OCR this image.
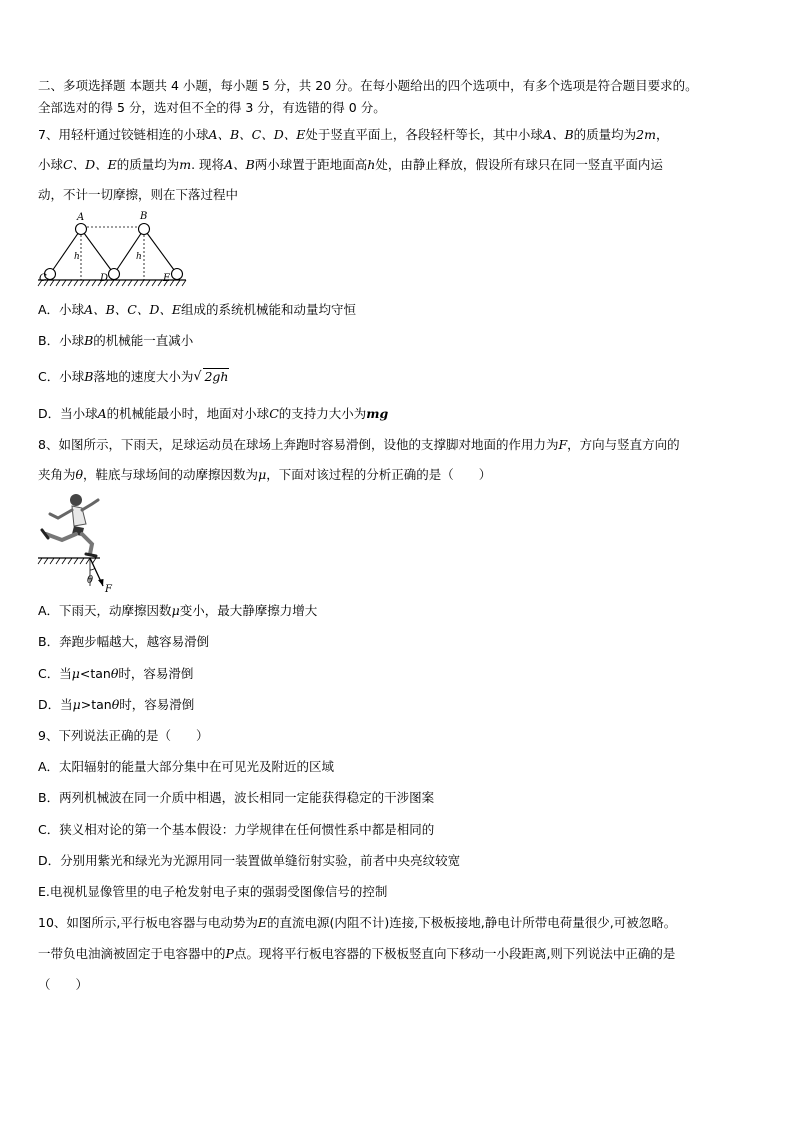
二、多项选择题 本题共 4 小题，每小题 5 分，共 20 分。在每小题给出的四个选项中，有多个选项是符合题目要求的。
全部选对的得 5 分，选对但不全的得 3 分，有选错的得 0 分。
7、用轻杆通过铰链相连的小球A、B、C、D、E处于竖直平面上，各段轻杆等长，其中小球A、B的质量均为2m，
小球C、D、E的质量均为m. 现将A、B两小球置于距地面高h处，由静止释放，假设所有球只在同一竖直平面内运
动，不计一切摩擦，则在下落过程中
A	B
C	D	E
h	h
A．小球A、B、C、D、E组成的系统机械能和动量均守恒
B．小球B的机械能一直减小
C．小球B落地的速度大小为 √ 2gh
D．当小球A的机械能最小时，地面对小球C的支持力大小为mg
8、如图所示，下雨天，足球运动员在球场上奔跑时容易滑倒，设他的支撑脚对地面的作用力为F，方向与竖直方向的
夹角为θ，鞋底与球场间的动摩擦因数为μ，下面对该过程的分析正确的是（　　）
θ
F
A．下雨天，动摩擦因数μ变小，最大静摩擦力增大
B．奔跑步幅越大，越容易滑倒
C．当μ<tanθ时，容易滑倒
D．当μ>tanθ时，容易滑倒
9、下列说法正确的是（　　）
A．太阳辐射的能量大部分集中在可见光及附近的区域
B．两列机械波在同一介质中相遇，波长相同一定能获得稳定的干涉图案
C．狭义相对论的第一个基本假设：力学规律在任何惯性系中都是相同的
D．分别用紫光和绿光为光源用同一装置做单缝衍射实验，前者中央亮纹较宽
E.电视机显像管里的电子枪发射电子束的强弱受图像信号的控制
10、如图所示,平行板电容器与电动势为E的直流电源(内阻不计)连接,下极板接地,静电计所带电荷量很少,可被忽略。
一带负电油滴被固定于电容器中的P点。现将平行板电容器的下极板竖直向下移动一小段距离,则下列说法中正确的是
（　　）
